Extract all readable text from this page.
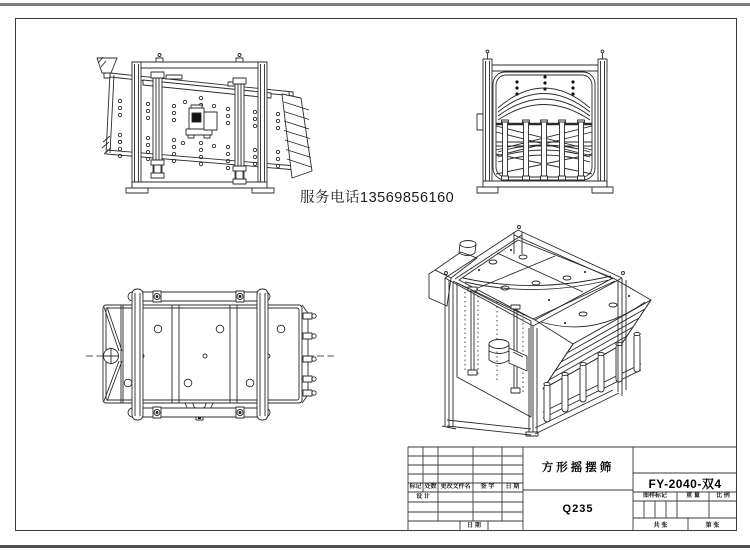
服务电话13569856160
方形摇摆筛
FY-2040-双4
Q235
标记 处数 更改文件名	签 字	日 期
设 计
日 期
图样标记	重 量	比 例
共 张	第 张
